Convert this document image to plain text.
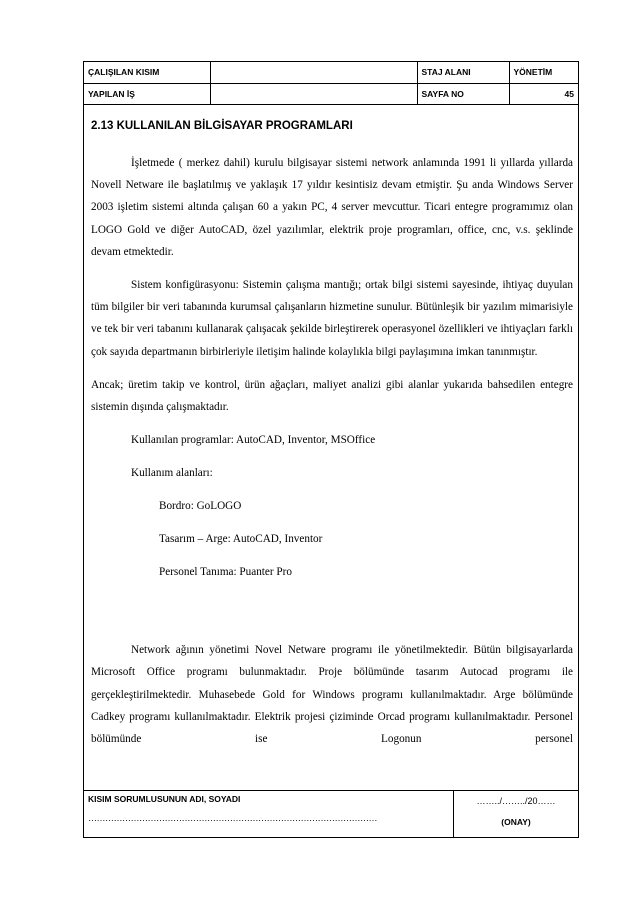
ÇALIŞILAN KISIM		STAJ ALANI	YÖNETİM
YAPILAN İŞ		SAYFA NO	45
2.13 KULLANILAN BİLGİSAYAR PROGRAMLARI

İşletmede ( merkez dahil) kurulu bilgisayar sistemi network anlamında 1991 li yıllarda yıllarda Novell Netware ile başlatılmış ve yaklaşık 17 yıldır kesintisiz devam etmiştir. Şu anda Windows Server 2003 işletim sistemi altında çalışan 60 a yakın PC, 4 server mevcuttur. Ticari entegre programımız olan LOGO Gold ve diğer AutoCAD, özel yazılımlar, elektrik proje programları, office, cnc, v.s. şeklinde devam etmektedir.

Sistem konfigürasyonu: Sistemin çalışma mantığı; ortak bilgi sistemi sayesinde, ihtiyaç duyulan tüm bilgiler bir veri tabanında kurumsal çalışanların hizmetine sunulur. Bütünleşik bir yazılım mimarisiyle ve tek bir veri tabanını kullanarak çalışacak şekilde birleştirerek operasyonel özellikleri ve ihtiyaçları farklı çok sayıda departmanın birbirleriyle iletişim halinde kolaylıkla bilgi paylaşımına imkan tanınmıştır.

Ancak; üretim takip ve kontrol, ürün ağaçları, maliyet analizi gibi alanlar yukarıda bahsedilen entegre sistemin dışında çalışmaktadır.

Kullanılan programlar: AutoCAD, Inventor, MSOffice
Kullanım alanları:
Bordro: GoLOGO
Tasarım – Arge: AutoCAD, Inventor
Personel Tanıma: Puanter Pro

Network ağının yönetimi Novel Netware programı ile yönetilmektedir. Bütün bilgisayarlarda Microsoft Office programı bulunmaktadır. Proje bölümünde tasarım Autocad programı ile gerçekleştirilmektedir. Muhasebede Gold for Windows programı kullanılmaktadır. Arge bölümünde Cadkey programı kullanılmaktadır. Elektrik projesi çiziminde Orcad programı kullanılmaktadır. Personel bölümünde ise Logonun personel

KISIM SORUMLUSUNUN ADI, SOYADI
…………………………………………………………………………………………
……../……../20……
(ONAY)
